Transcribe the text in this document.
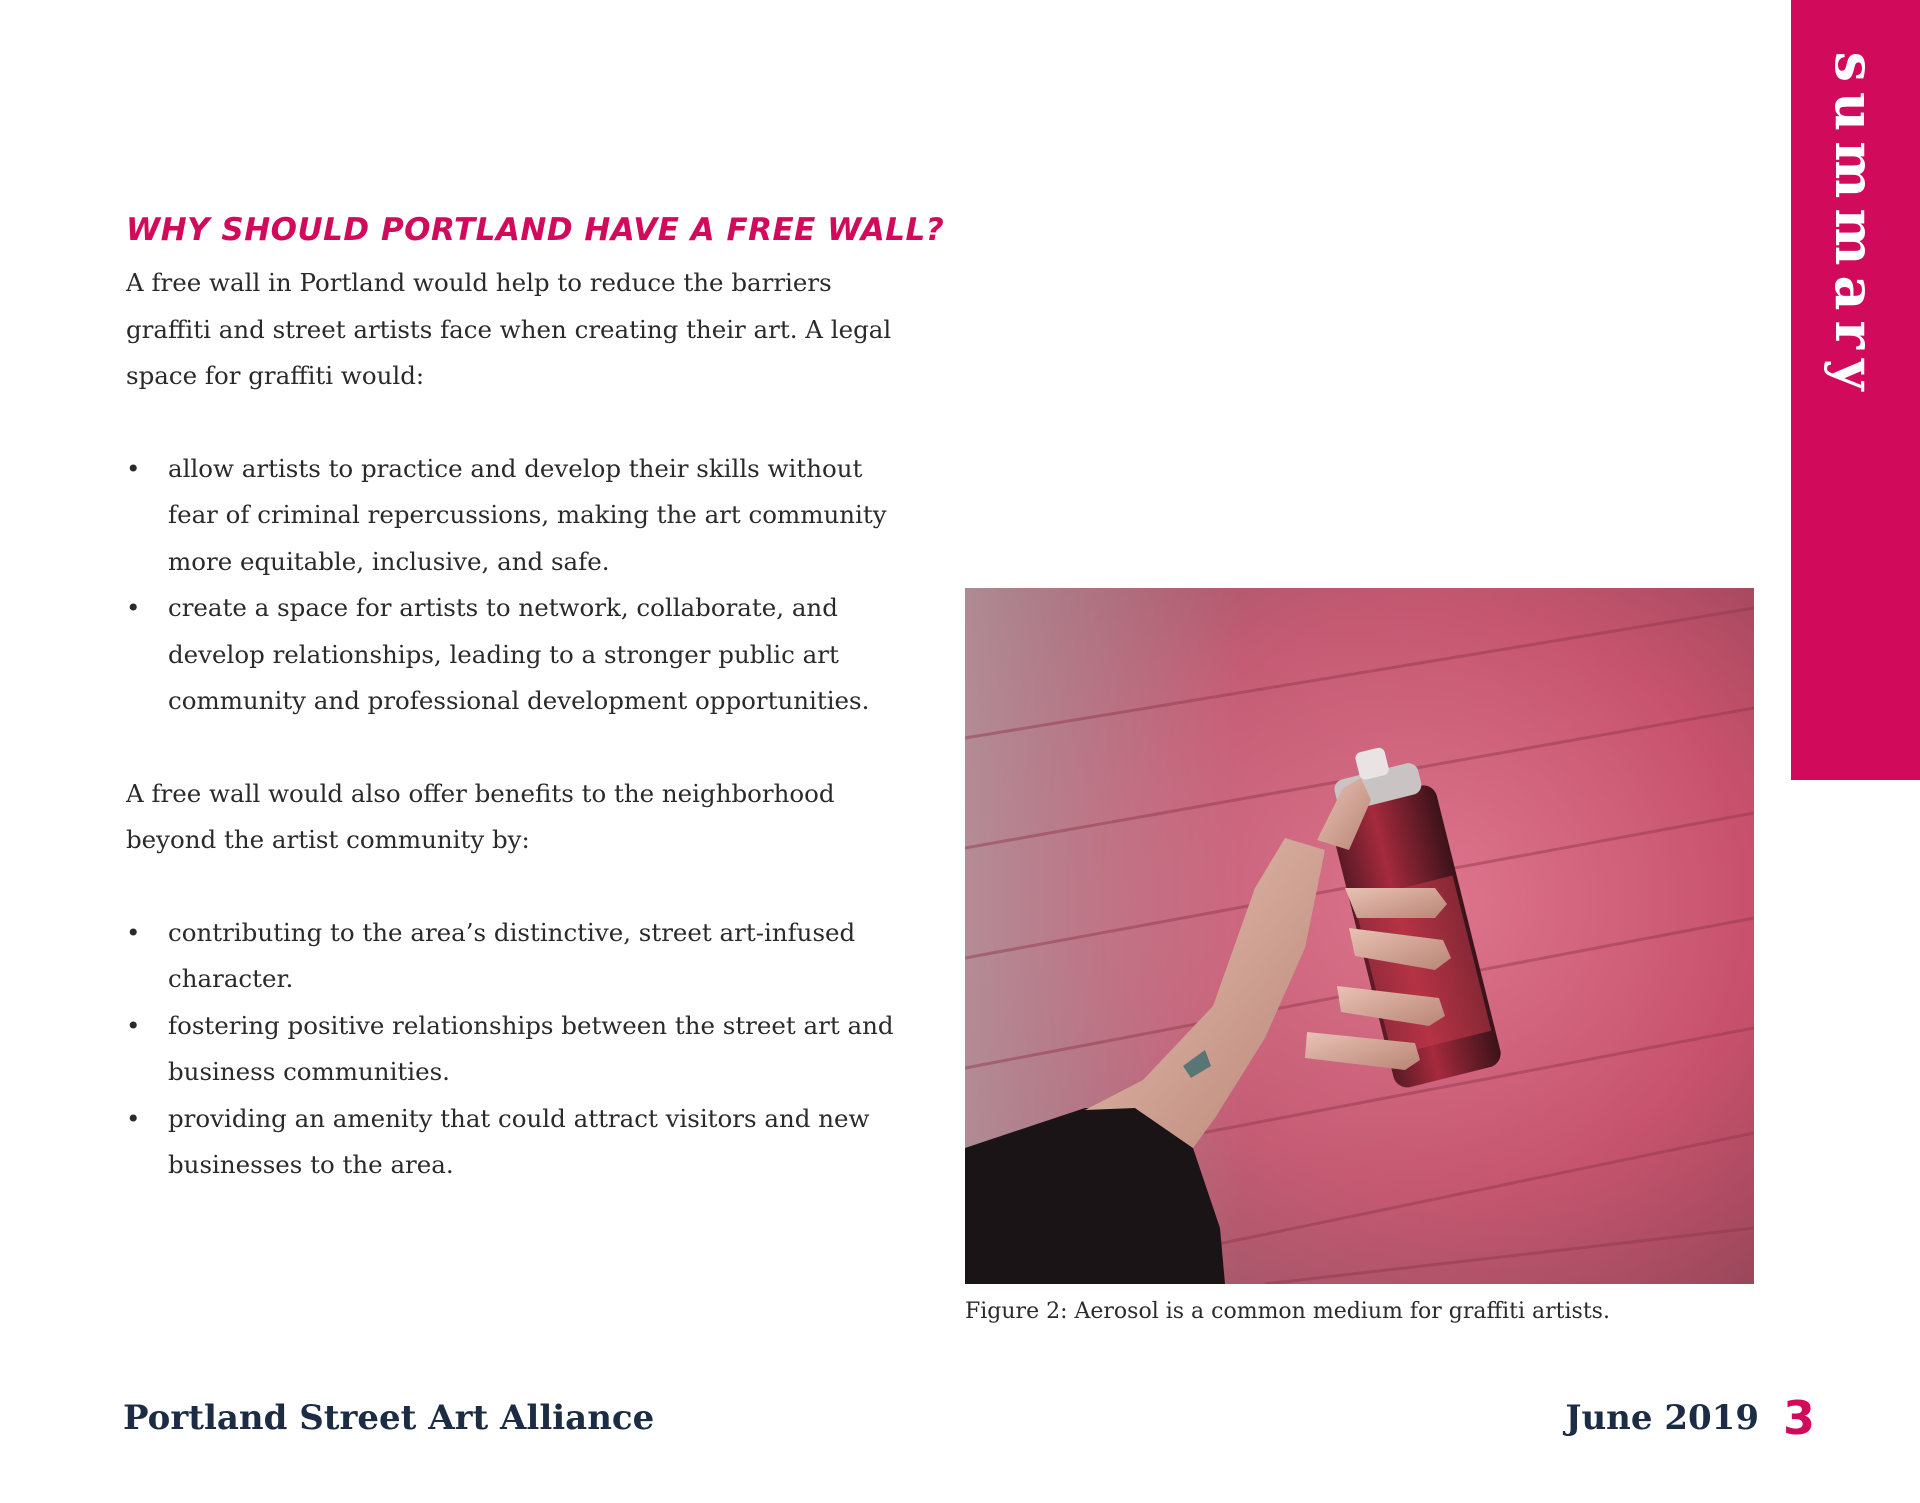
summary
WHY SHOULD PORTLAND HAVE A FREE WALL?

A free wall in Portland would help to reduce the barriers
graffiti and street artists face when creating their art. A legal
space for graffiti would:

• allow artists to practice and develop their skills without
fear of criminal repercussions, making the art community
more equitable, inclusive, and safe.
• create a space for artists to network, collaborate, and
develop relationships, leading to a stronger public art
community and professional development opportunities.

A free wall would also offer benefits to the neighborhood
beyond the artist community by:

• contributing to the area’s distinctive, street art-infused
character.
• fostering positive relationships between the street art and
business communities.
• providing an amenity that could attract visitors and new
businesses to the area.

Figure 2: Aerosol is a common medium for graffiti artists.

Portland Street Art Alliance	June 2019 3
